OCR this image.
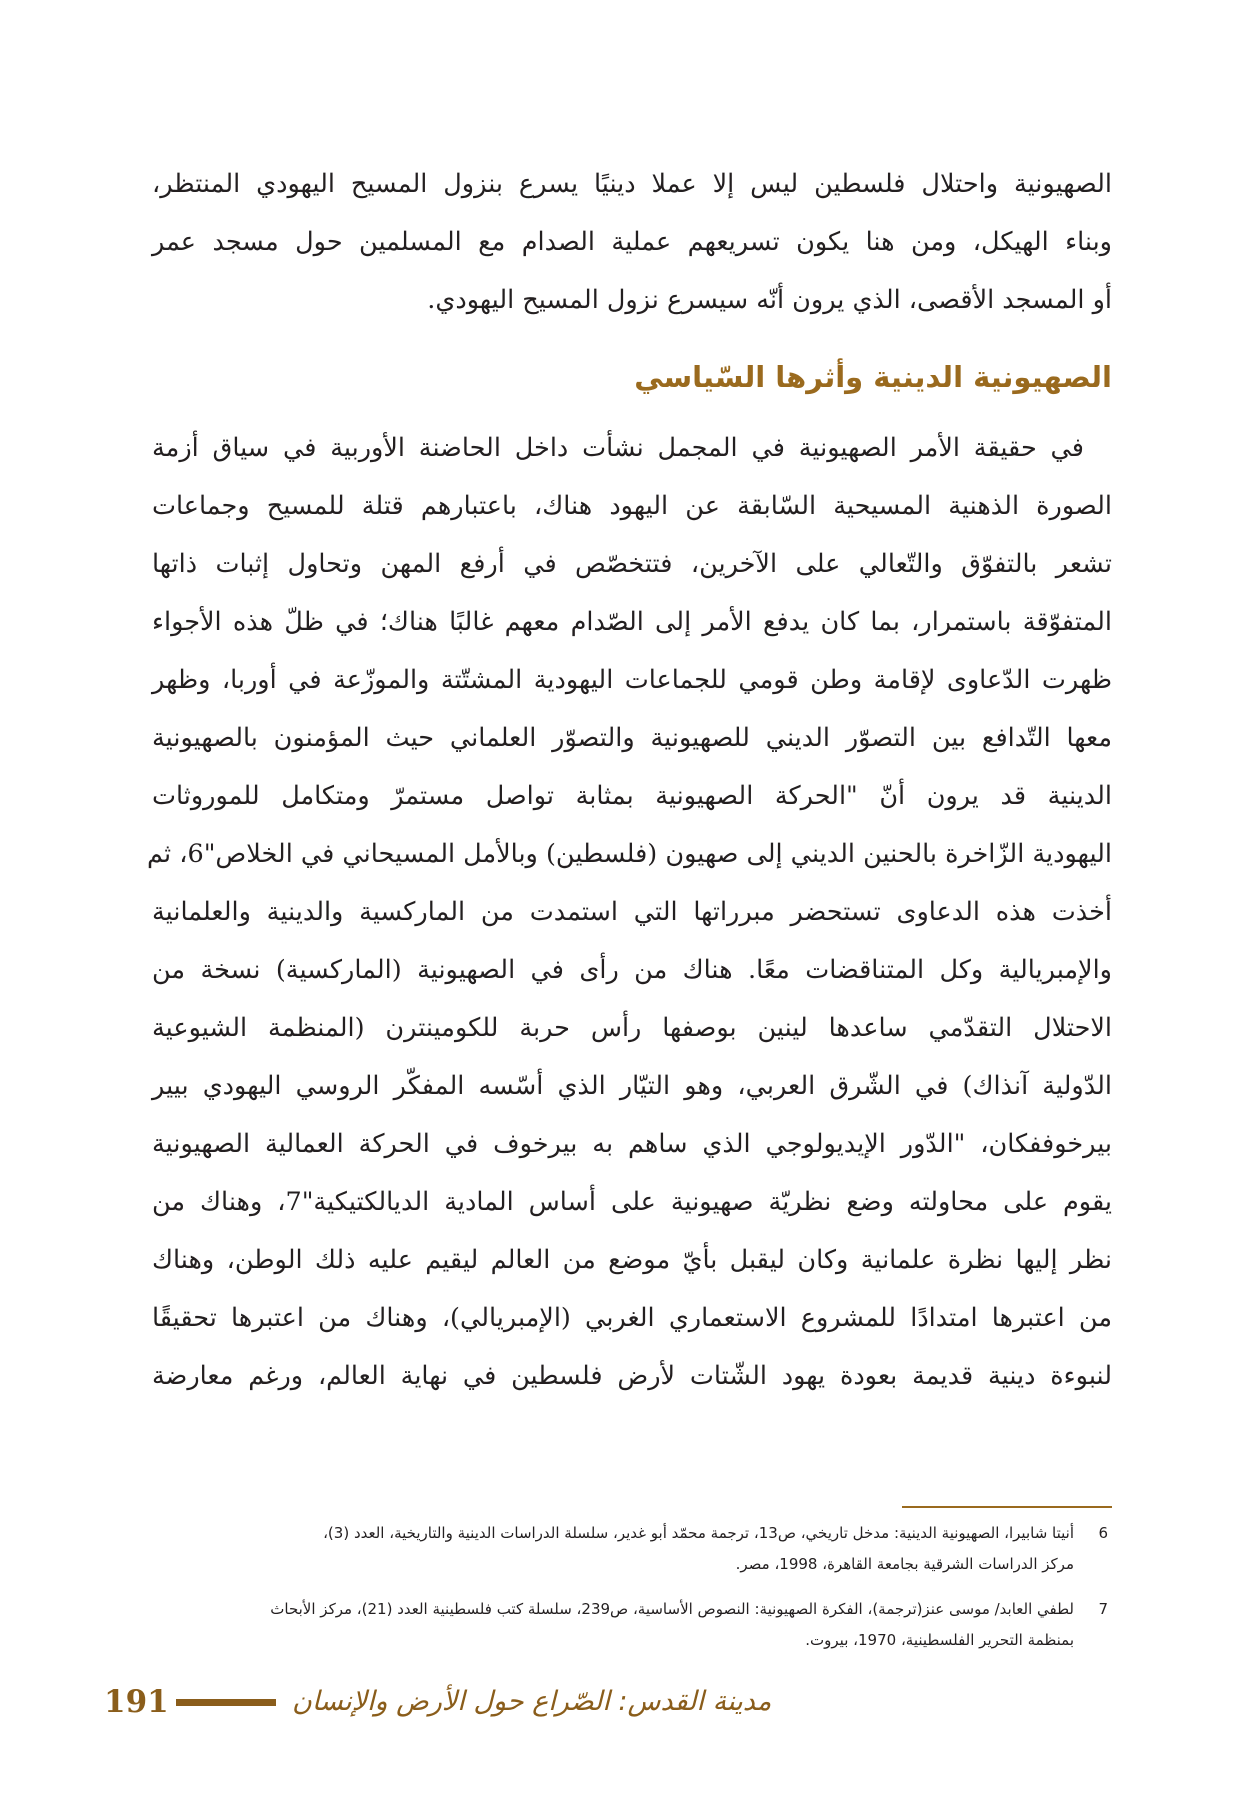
الصهيونية واحتلال فلسطين ليس إلا عملا دينيًا يسرع بنزول المسيح اليهودي المنتظر،
وبناء الهيكل، ومن هنا يكون تسريعهم عملية الصدام مع المسلمين حول مسجد عمر
أو المسجد الأقصى، الذي يرون أنّه سيسرع نزول المسيح اليهودي.
الصهيونية الدينية وأثرها السّياسي
في حقيقة الأمر الصهيونية في المجمل نشأت داخل الحاضنة الأوربية في سياق أزمة
الصورة الذهنية المسيحية السّابقة عن اليهود هناك، باعتبارهم قتلة للمسيح وجماعات
تشعر بالتفوّق والتّعالي على الآخرين، فتتخصّص في أرفع المهن وتحاول إثبات ذاتها
المتفوّقة باستمرار، بما كان يدفع الأمر إلى الصّدام معهم غالبًا هناك؛ في ظلّ هذه الأجواء
ظهرت الدّعاوى لإقامة وطن قومي للجماعات اليهودية المشتّتة والموزّعة في أوربا، وظهر
معها التّدافع بين التصوّر الديني للصهيونية والتصوّر العلماني حيث المؤمنون بالصهيونية
الدينية قد يرون أنّ "الحركة الصهيونية بمثابة تواصل مستمرّ ومتكامل للموروثات
اليهودية الزّاخرة بالحنين الديني إلى صهيون (فلسطين) وبالأمل المسيحاني في الخلاص"6، ثم
أخذت هذه الدعاوى تستحضر مبرراتها التي استمدت من الماركسية والدينية والعلمانية
والإمبريالية وكل المتناقضات معًا. هناك من رأى في الصهيونية (الماركسية) نسخة من
الاحتلال التقدّمي ساعدها لينين بوصفها رأس حربة للكومينترن (المنظمة الشيوعية
الدّولية آنذاك) في الشّرق العربي، وهو التيّار الذي أسّسه المفكّر الروسي اليهودي بيير
بيرخوففكان، "الدّور الإيديولوجي الذي ساهم به بيرخوف في الحركة العمالية الصهيونية
يقوم على محاولته وضع نظريّة صهيونية على أساس المادية الديالكتيكية"7، وهناك من
نظر إليها نظرة علمانية وكان ليقبل بأيّ موضع من العالم ليقيم عليه ذلك الوطن، وهناك
من اعتبرها امتدادًا للمشروع الاستعماري الغربي (الإمبريالي)، وهناك من اعتبرها تحقيقًا
لنبوءة دينية قديمة بعودة يهود الشّتات لأرض فلسطين في نهاية العالم، ورغم معارضة
6
أنيتا شابيرا، الصهيونية الدينية: مدخل تاريخي، ص13، ترجمة محمّد أبو غدير، سلسلة الدراسات الدينية والتاريخية، العدد (3)،
مركز الدراسات الشرقية بجامعة القاهرة، 1998، مصر.
7
لطفي العابد/ موسى عنز(ترجمة)، الفكرة الصهيونية: النصوص الأساسية، ص239، سلسلة كتب فلسطينية العدد (21)، مركز الأبحاث
بمنظمة التحرير الفلسطينية، 1970، بيروت.
191	مدينة القدس: الصّراع حول الأرض والإنسان
